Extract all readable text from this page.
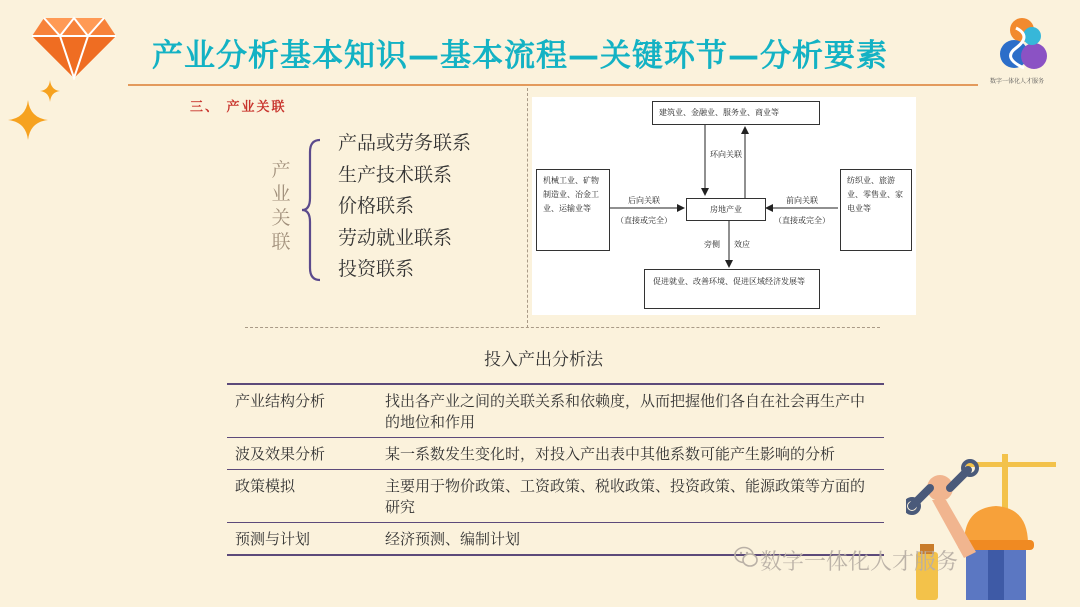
产业分析基本知识—基本流程—关键环节—分析要素
数字一体化人才服务
三、 产业关联
产业关联
产品或劳务联系
生产技术联系
价格联系
劳动就业联系
投资联系
建筑业、金融业、服务业、商业等
机械工业、矿物制造业、冶金工业、运输业等	房地产业
纺织业、旅游业、零售业、家电业等
促进就业、改善环境、促进区域经济发展等
环向关联
后向关联
（直接或完全）
前向关联
（直接或完全）
旁侧 效应
投入产出分析法
产业结构分析	找出各产业之间的关联关系和依赖度，从而把握他们各自在社会再生产中的地位和作用
波及效果分析	某一系数发生变化时，对投入产出表中其他系数可能产生影响的分析
政策模拟	主要用于物价政策、工资政策、税收政策、投资政策、能源政策等方面的研究
预测与计划	经济预测、编制计划
数字一体化人才服务
